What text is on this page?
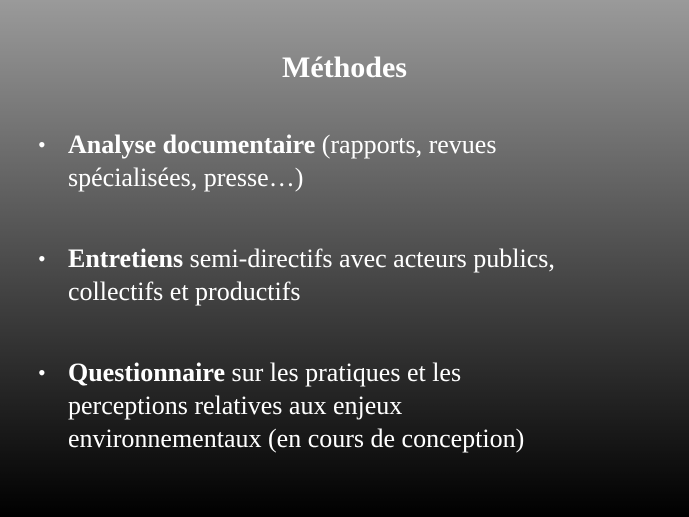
Méthodes
• Analyse documentaire (rapports, revues
spécialisées, presse…)
• Entretiens semi-directifs avec acteurs publics,
collectifs et productifs
• Questionnaire sur les pratiques et les
perceptions relatives aux enjeux
environnementaux (en cours de conception)
